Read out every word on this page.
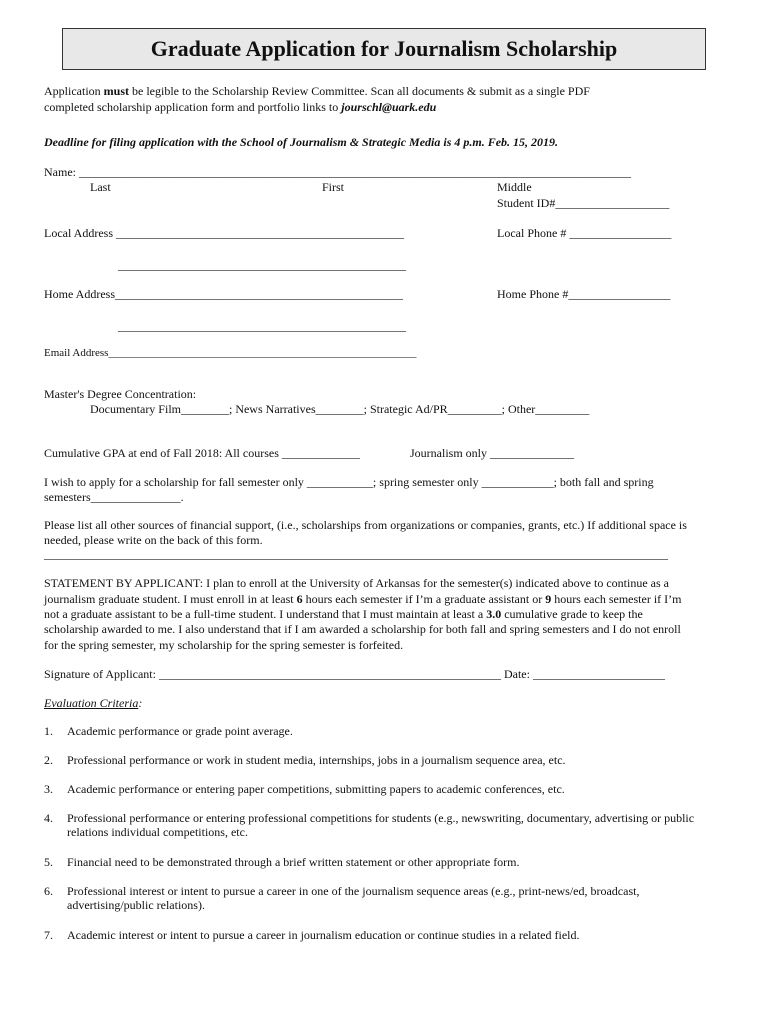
Graduate Application for Journalism Scholarship
Application must be legible to the Scholarship Review Committee. Scan all documents & submit as a single PDF
completed scholarship application form and portfolio links to jourschl@uark.edu
Deadline for filing application with the School of Journalism & Strategic Media is 4 p.m. Feb. 15, 2019.
Name: ____________________________________________________________________________________________
Last	First	Middle
Student ID#___________________
Local Address ________________________________________________	Local Phone # _________________
________________________________________________
Home Address________________________________________________	Home Phone #_________________
________________________________________________
Email Address________________________________________________________
Master's Degree Concentration:
Documentary Film________; News Narratives________; Strategic Ad/PR_________; Other_________
Cumulative GPA at end of Fall 2018: All courses _____________	Journalism only ______________
I wish to apply for a scholarship for fall semester only ___________; spring semester only ____________; both fall and spring
semesters_______________.
Please list all other sources of financial support, (i.e., scholarships from organizations or companies, grants, etc.) If additional space is
needed, please write on the back of this form.
________________________________________________________________________________________________________
STATEMENT BY APPLICANT: I plan to enroll at the University of Arkansas for the semester(s) indicated above to continue as a
journalism graduate student. I must enroll in at least 6 hours each semester if I’m a graduate assistant or 9 hours each semester if I’m
not a graduate assistant to be a full-time student. I understand that I must maintain at least a 3.0 cumulative grade to keep the
scholarship awarded to me. I also understand that if I am awarded a scholarship for both fall and spring semesters and I do not enroll
for the spring semester, my scholarship for the spring semester is forfeited.
Signature of Applicant: _________________________________________________________ Date: ______________________
Evaluation Criteria:
1. Academic performance or grade point average.
2. Professional performance or work in student media, internships, jobs in a journalism sequence area, etc.
3. Academic performance or entering paper competitions, submitting papers to academic conferences, etc.
4. Professional performance or entering professional competitions for students (e.g., newswriting, documentary, advertising or public
relations individual competitions, etc.
5. Financial need to be demonstrated through a brief written statement or other appropriate form.
6. Professional interest or intent to pursue a career in one of the journalism sequence areas (e.g., print-news/ed, broadcast,
advertising/public relations).
7. Academic interest or intent to pursue a career in journalism education or continue studies in a related field.
